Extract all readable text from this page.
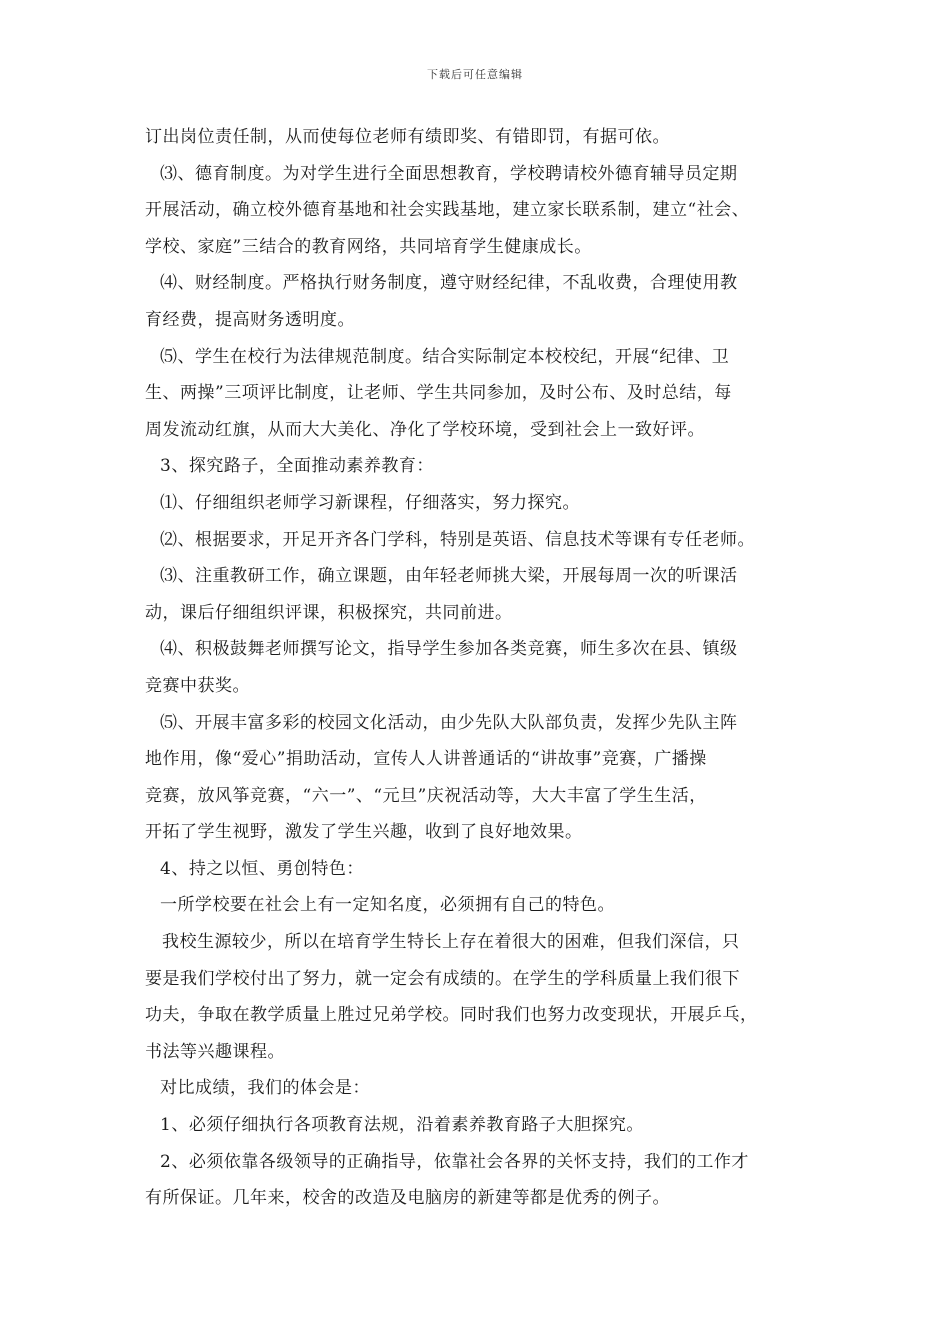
下载后可任意编辑
订出岗位责任制，从而使每位老师有绩即奖、有错即罚，有据可依。
⑶、德育制度。为对学生进行全面思想教育，学校聘请校外德育辅导员定期
开展活动，确立校外德育基地和社会实践基地，建立家长联系制，建立“社会、
学校、家庭”三结合的教育网络，共同培育学生健康成长。
⑷、财经制度。严格执行财务制度，遵守财经纪律，不乱收费，合理使用教
育经费，提高财务透明度。
⑸、学生在校行为法律规范制度。结合实际制定本校校纪，开展“纪律、卫
生、两操”三项评比制度，让老师、学生共同参加，及时公布、及时总结，每
周发流动红旗，从而大大美化、净化了学校环境，受到社会上一致好评。
3、探究路子，全面推动素养教育：
⑴、仔细组织老师学习新课程，仔细落实，努力探究。
⑵、根据要求，开足开齐各门学科，特别是英语、信息技术等课有专任老师。
⑶、注重教研工作，确立课题，由年轻老师挑大梁，开展每周一次的听课活
动，课后仔细组织评课，积极探究，共同前进。
⑷、积极鼓舞老师撰写论文，指导学生参加各类竞赛，师生多次在县、镇级
竞赛中获奖。
⑸、开展丰富多彩的校园文化活动，由少先队大队部负责，发挥少先队主阵
地作用，像“爱心”捐助活动，宣传人人讲普通话的“讲故事”竞赛，广播操
竞赛，放风筝竞赛，“六一”、“元旦”庆祝活动等，大大丰富了学生生活，
开拓了学生视野，激发了学生兴趣，收到了良好地效果。
4、持之以恒、勇创特色：
一所学校要在社会上有一定知名度，必须拥有自己的特色。
我校生源较少，所以在培育学生特长上存在着很大的困难，但我们深信，只
要是我们学校付出了努力，就一定会有成绩的。在学生的学科质量上我们很下
功夫，争取在教学质量上胜过兄弟学校。同时我们也努力改变现状，开展乒乓，
书法等兴趣课程。
对比成绩，我们的体会是：
1、必须仔细执行各项教育法规，沿着素养教育路子大胆探究。
2、必须依靠各级领导的正确指导，依靠社会各界的关怀支持，我们的工作才
有所保证。几年来，校舍的改造及电脑房的新建等都是优秀的例子。
